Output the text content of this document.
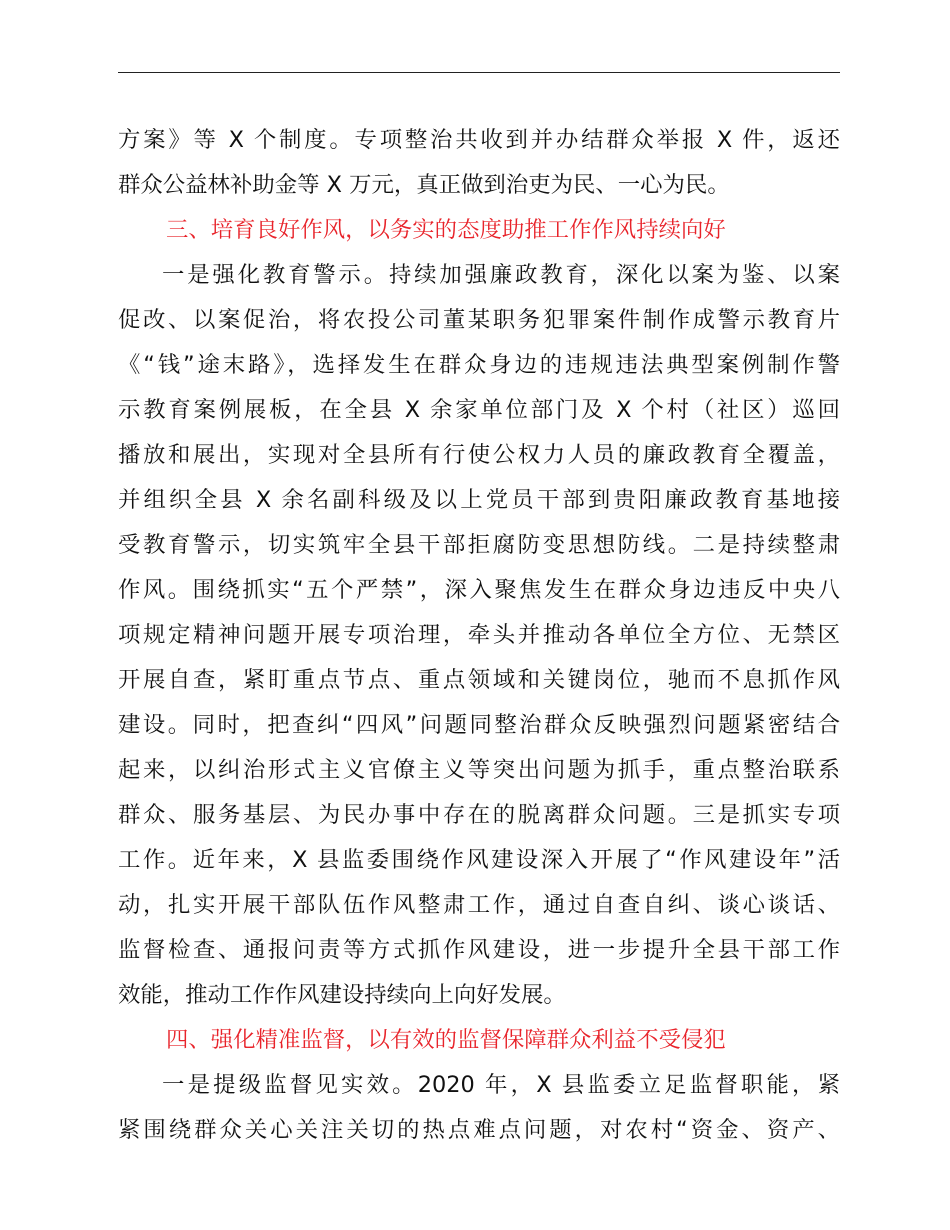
方案》等 X 个制度。专项整治共收到并办结群众举报 X 件，返还
群众公益林补助金等 X 万元，真正做到治吏为民、一心为民。
三、培育良好作风，以务实的态度助推工作作风持续向好
一是强化教育警示。持续加强廉政教育，深化以案为鉴、以案
促改、以案促治，将农投公司董某职务犯罪案件制作成警示教育片
《“钱”途末路》，选择发生在群众身边的违规违法典型案例制作警
示教育案例展板，在全县 X 余家单位部门及 X 个村（社区）巡回
播放和展出，实现对全县所有行使公权力人员的廉政教育全覆盖，
并组织全县 X 余名副科级及以上党员干部到贵阳廉政教育基地接
受教育警示，切实筑牢全县干部拒腐防变思想防线。二是持续整肃
作风。围绕抓实“五个严禁”，深入聚焦发生在群众身边违反中央八
项规定精神问题开展专项治理，牵头并推动各单位全方位、无禁区
开展自查，紧盯重点节点、重点领域和关键岗位，驰而不息抓作风
建设。同时，把查纠“四风”问题同整治群众反映强烈问题紧密结合
起来，以纠治形式主义官僚主义等突出问题为抓手，重点整治联系
群众、服务基层、为民办事中存在的脱离群众问题。三是抓实专项
工作。近年来，X 县监委围绕作风建设深入开展了“作风建设年”活
动，扎实开展干部队伍作风整肃工作，通过自查自纠、谈心谈话、
监督检查、通报问责等方式抓作风建设，进一步提升全县干部工作
效能，推动工作作风建设持续向上向好发展。
四、强化精准监督，以有效的监督保障群众利益不受侵犯
一是提级监督见实效。2020 年，X 县监委立足监督职能，紧
紧围绕群众关心关注关切的热点难点问题，对农村“资金、资产、
